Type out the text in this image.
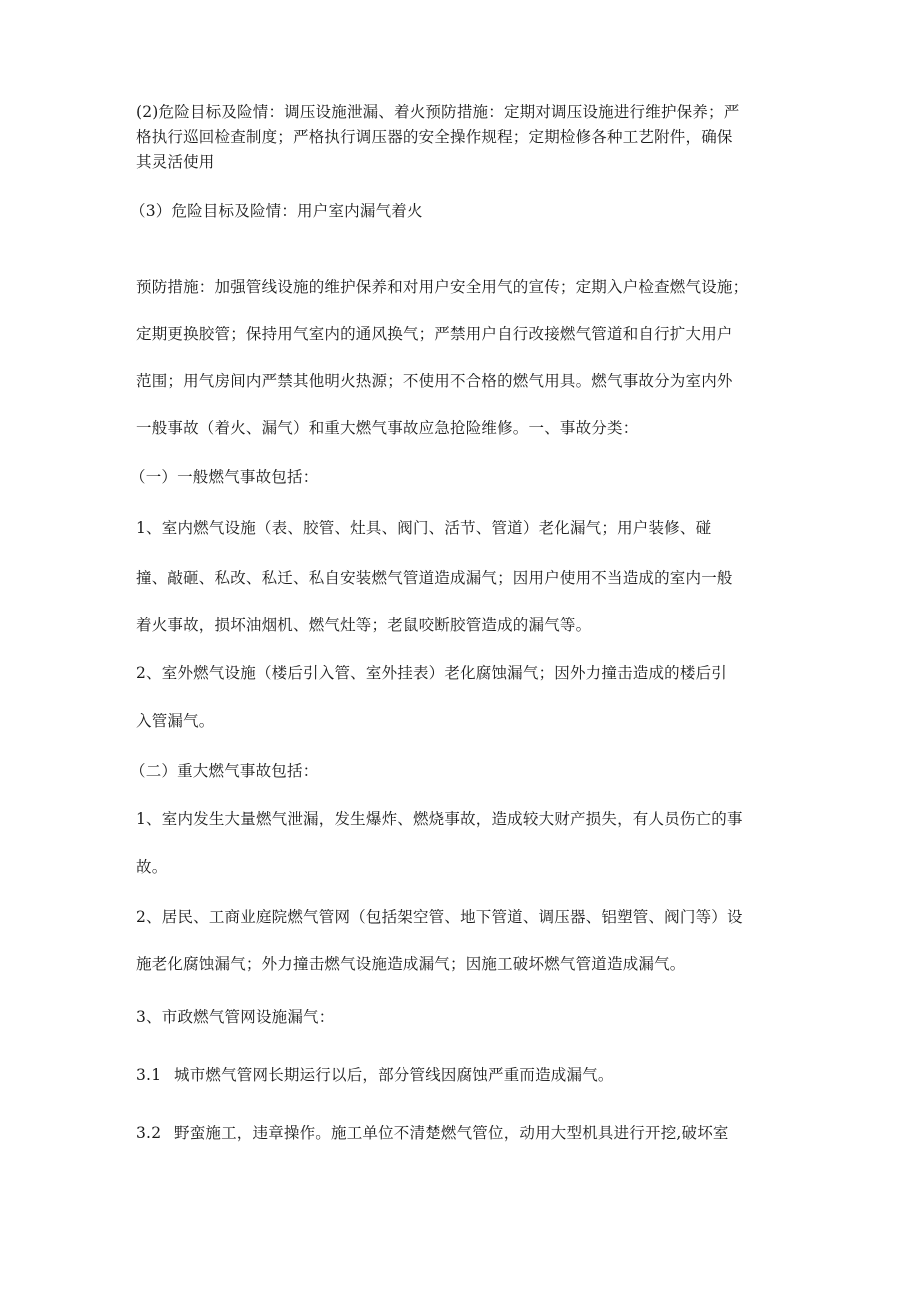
(2)危险目标及险情：调压设施泄漏、着火预防措施：定期对调压设施进行维护保养；严
格执行巡回检查制度；严格执行调压器的安全操作规程；定期检修各种工艺附件，确保
其灵活使用
（3）危险目标及险情：用户室内漏气着火
预防措施：加强管线设施的维护保养和对用户安全用气的宣传；定期入户检查燃气设施；
定期更换胶管；保持用气室内的通风换气；严禁用户自行改接燃气管道和自行扩大用户
范围；用气房间内严禁其他明火热源；不使用不合格的燃气用具。燃气事故分为室内外
一般事故（着火、漏气）和重大燃气事故应急抢险维修。一、事故分类：
（一）一般燃气事故包括：
1、室内燃气设施（表、胶管、灶具、阀门、活节、管道）老化漏气；用户装修、碰
撞、敲砸、私改、私迁、私自安装燃气管道造成漏气；因用户使用不当造成的室内一般
着火事故，损坏油烟机、燃气灶等；老鼠咬断胶管造成的漏气等。
2、室外燃气设施（楼后引入管、室外挂表）老化腐蚀漏气；因外力撞击造成的楼后引
入管漏气。
（二）重大燃气事故包括：
1、室内发生大量燃气泄漏，发生爆炸、燃烧事故，造成较大财产损失，有人员伤亡的事
故。
2、居民、工商业庭院燃气管网（包括架空管、地下管道、调压器、铝塑管、阀门等）设
施老化腐蚀漏气；外力撞击燃气设施造成漏气；因施工破坏燃气管道造成漏气。
3、市政燃气管网设施漏气：
3.1 城市燃气管网长期运行以后，部分管线因腐蚀严重而造成漏气。
3.2 野蛮施工，违章操作。施工单位不清楚燃气管位，动用大型机具进行开挖,破坏室
